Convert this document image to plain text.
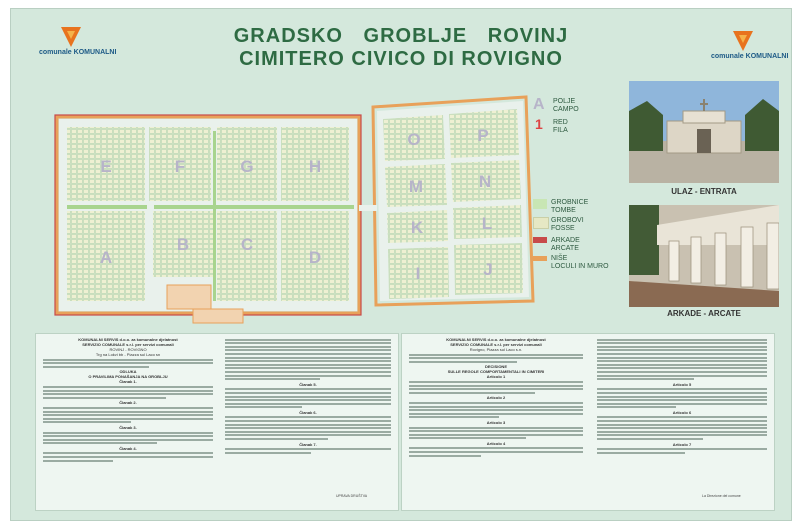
GRADSKO GROBLJE ROVINJ
CIMITERO CIVICO DI ROVIGNO
comunale KOMUNALNI
comunale KOMUNALNI
E	F	G	H
A
B	C
D
O	P
M	N
K	L
I	J
A POLJE
CAMPO
1 RED
FILA
GROBNICE
TOMBE
GROBOVI
FOSSE
ARKADE
ARCATE
NIŠE
LOCULI IN MURO
ULAZ - ENTRATA
ARKADE - ARCATE
KOMUNALNI SERVIS d.o.o. za komunalne djelatnost
SERVIZIO COMUNALE s.r.l. per servizi comunali
ROVINJ - ROVIGNO
Trg na Lokvi bb - Piazza sul Laco sn
ODLUKA
O PRAVILIMA PONAŠANJA NA GROBLJU
Članak 1.
Članak 2.
Članak 3.
Članak 4.
Članak 5.
Članak 6.
Članak 7.
UPRAVA DRUŠTVA
KOMUNALNI SERVIS d.o.o. za komunalne djelatnost
SERVIZIO COMUNALE s.r.l. per servizi comunali
Rovigno, Piazza sul Laco s.n.
DECISIONE
SULLE REGOLE COMPORTAMENTALI IN CIMITERI
Articolo 1
Articolo 2
Articolo 3
Articolo 4
Articolo 5
Articolo 6
Articolo 7
La Direzione del comune
